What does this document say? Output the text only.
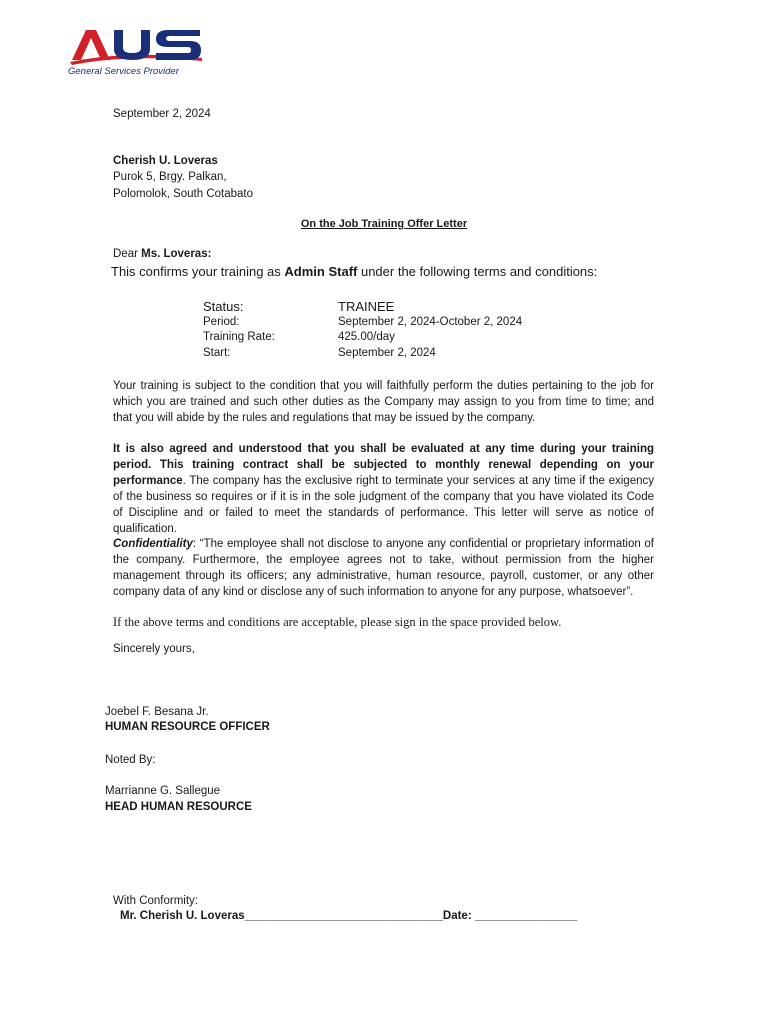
General Services Provider
September 2, 2024
Cherish U. Loveras
Purok 5, Brgy. Palkan,
Polomolok, South Cotabato
On the Job Training Offer Letter
Dear Ms. Loveras:
This confirms your training as Admin Staff under the following terms and conditions:
Status:	TRAINEE
Period:	September 2, 2024-October 2, 2024
Training Rate:	425.00/day
Start:	September 2, 2024
Your training is subject to the condition that you will faithfully perform the duties pertaining to the job for which you are trained and such other duties as the Company may assign to you from time to time; and that you will abide by the rules and regulations that may be issued by the company.
It is also agreed and understood that you shall be evaluated at any time during your training period. This training contract shall be subjected to monthly renewal depending on your performance. The company has the exclusive right to terminate your services at any time if the exigency of the business so requires or if it is in the sole judgment of the company that you have violated its Code of Discipline and or failed to meet the standards of performance. This letter will serve as notice of qualification.
Confidentiality: “The employee shall not disclose to anyone any confidential or proprietary information of the company. Furthermore, the employee agrees not to take, without permission from the higher management through its officers; any administrative, human resource, payroll, customer, or any other company data of any kind or disclose any of such information to anyone for any purpose, whatsoever”.
If the above terms and conditions are acceptable, please sign in the space provided below.
Sincerely yours,
Joebel F. Besana Jr.
HUMAN RESOURCE OFFICER
Noted By:
Marrianne G. Sallegue
HEAD HUMAN RESOURCE
With Conformity:
Mr. Cherish U. Loveras_______________________________Date: ________________
